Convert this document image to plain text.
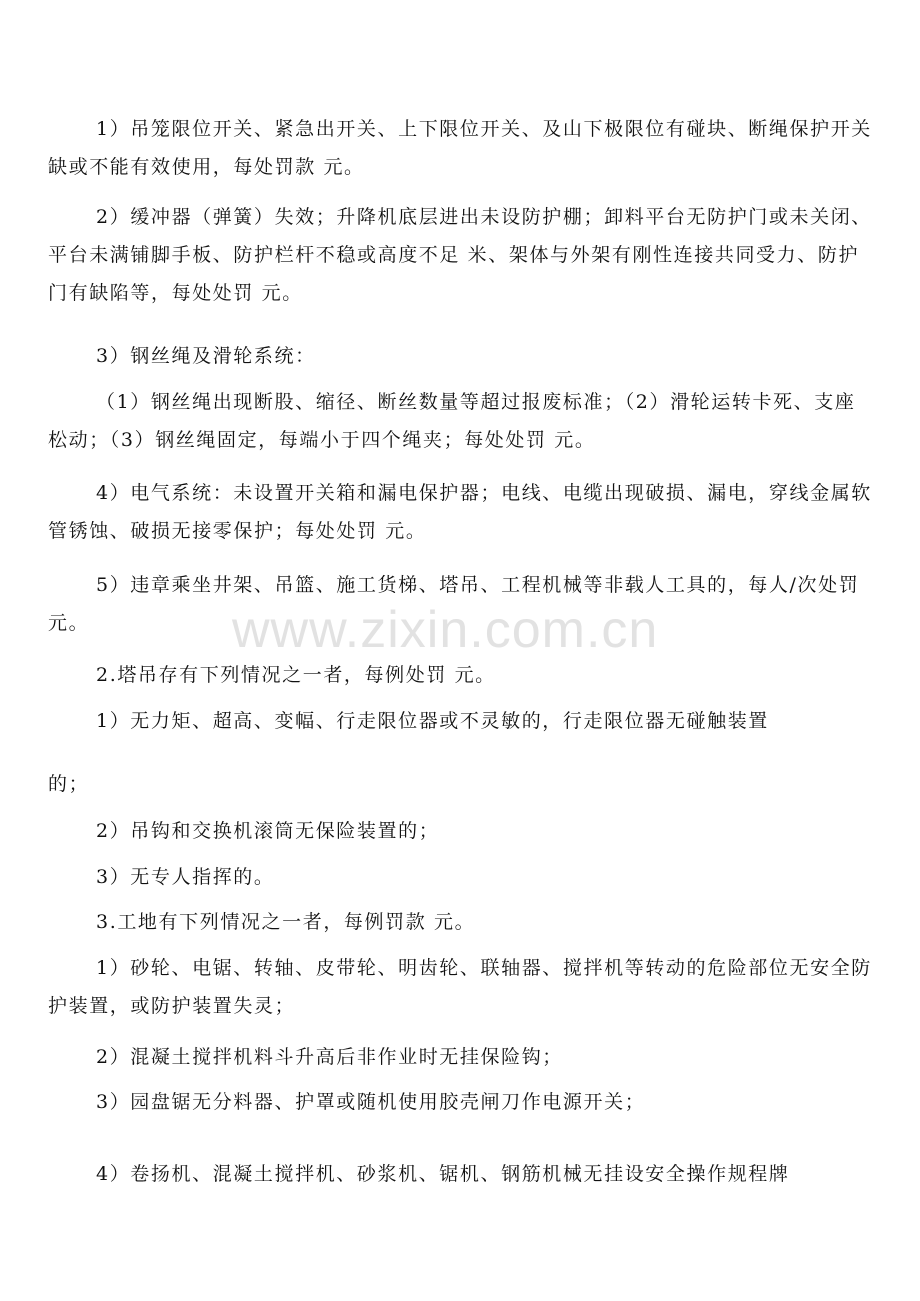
www.zixin.com.cn

1）吊笼限位开关、紧急出开关、上下限位开关、及山下极限位有碰块、断绳保护开关缺或不能有效使用，每处罚款 元。

2）缓冲器（弹簧）失效；升降机底层进出未设防护棚；卸料平台无防护门或未关闭、平台未满铺脚手板、防护栏杆不稳或高度不足 米、架体与外架有刚性连接共同受力、防护门有缺陷等，每处处罚 元。

3）钢丝绳及滑轮系统：

（1）钢丝绳出现断股、缩径、断丝数量等超过报废标准；（2）滑轮运转卡死、支座松动；（3）钢丝绳固定，每端小于四个绳夹；每处处罚 元。

4）电气系统：未设置开关箱和漏电保护器；电线、电缆出现破损、漏电，穿线金属软管锈蚀、破损无接零保护；每处处罚 元。

5）违章乘坐井架、吊篮、施工货梯、塔吊、工程机械等非载人工具的，每人/次处罚 元。

2.塔吊存有下列情况之一者，每例处罚 元。

1）无力矩、超高、变幅、行走限位器或不灵敏的，行走限位器无碰触装置

的；

2）吊钩和交换机滚筒无保险装置的；

3）无专人指挥的。

3.工地有下列情况之一者，每例罚款 元。

1）砂轮、电锯、转轴、皮带轮、明齿轮、联轴器、搅拌机等转动的危险部位无安全防护装置，或防护装置失灵；

2）混凝土搅拌机料斗升高后非作业时无挂保险钩；

3）园盘锯无分料器、护罩或随机使用胶壳闸刀作电源开关；

4）卷扬机、混凝土搅拌机、砂浆机、锯机、钢筋机械无挂设安全操作规程牌
